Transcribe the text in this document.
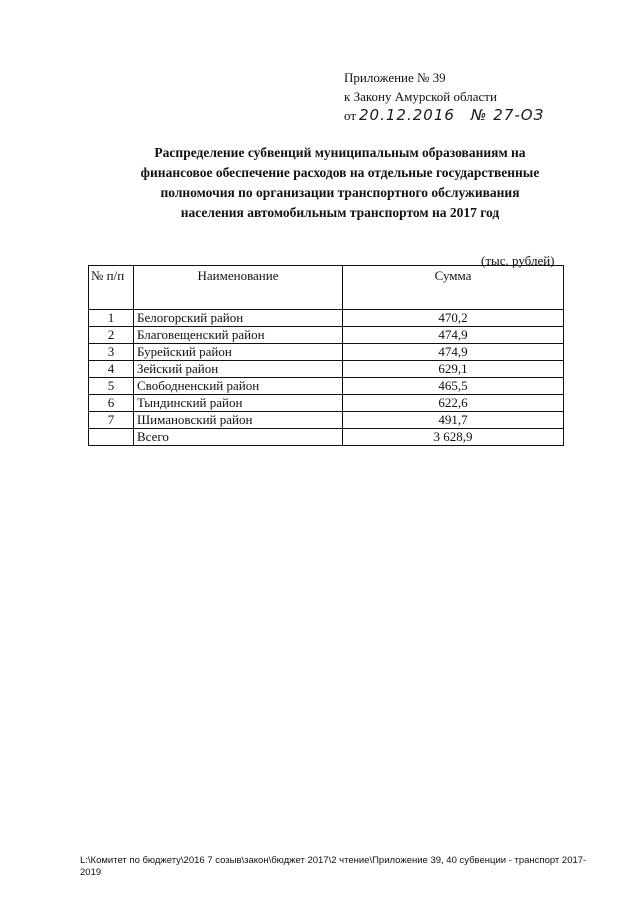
Приложение № 39
к Закону Амурской области
от 20.12.2016 № 27-ОЗ
Распределение субвенций муниципальным образованиям на
финансовое обеспечение расходов на отдельные государственные
полномочия по организации транспортного обслуживания
населения автомобильным транспортом на 2017 год
(тыс. рублей)
№ п/п	Наименование	Сумма
1	Белогорский район	470,2
2	Благовещенский район	474,9
3	Бурейский район	474,9
4	Зейский район	629,1
5	Свободненский район	465,5
6	Тындинский район	622,6
7	Шимановский район	491,7
	Всего	3 628,9
L:\Комитет по бюджету\2016 7 созыв\закон\бюджет 2017\2 чтение\Приложение 39, 40 субвенции - транспорт 2017-2019
